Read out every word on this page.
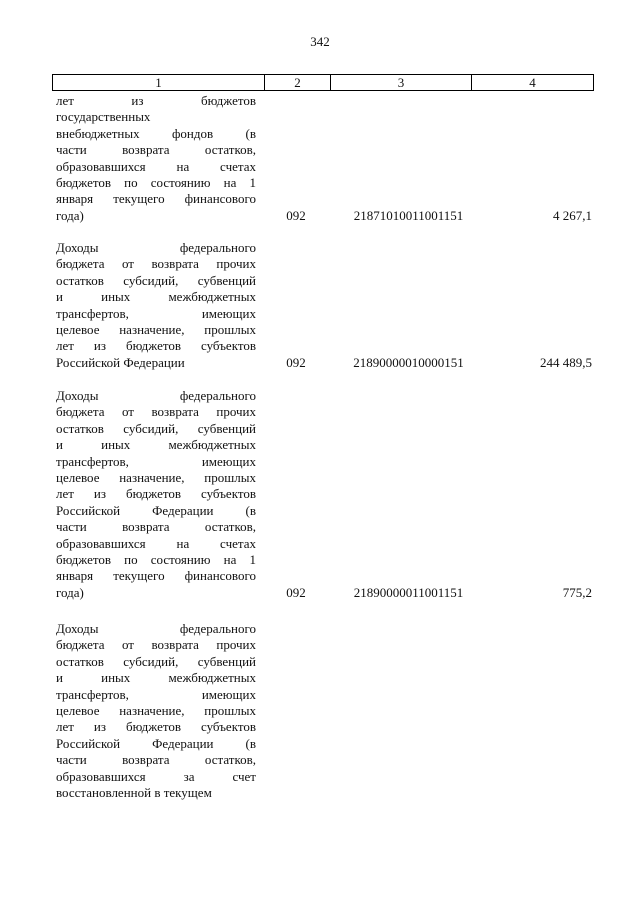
342
1	2	3	4
лет из бюджетов
государственных
внебюджетных фондов (в
части возврата остатков,
образовавшихся на счетах
бюджетов по состоянию на 1
января текущего финансового
года)	092	21871010011001151	4 267,1
Доходы федерального
бюджета от возврата прочих
остатков субсидий, субвенций
и иных межбюджетных
трансфертов, имеющих
целевое назначение, прошлых
лет из бюджетов субъектов
Российской Федерации	092	21890000010000151	244 489,5
Доходы федерального
бюджета от возврата прочих
остатков субсидий, субвенций
и иных межбюджетных
трансфертов, имеющих
целевое назначение, прошлых
лет из бюджетов субъектов
Российской Федерации (в
части возврата остатков,
образовавшихся на счетах
бюджетов по состоянию на 1
января текущего финансового
года)	092	21890000011001151	775,2
Доходы федерального
бюджета от возврата прочих
остатков субсидий, субвенций
и иных межбюджетных
трансфертов, имеющих
целевое назначение, прошлых
лет из бюджетов субъектов
Российской Федерации (в
части возврата остатков,
образовавшихся за счет
восстановленной в текущем
